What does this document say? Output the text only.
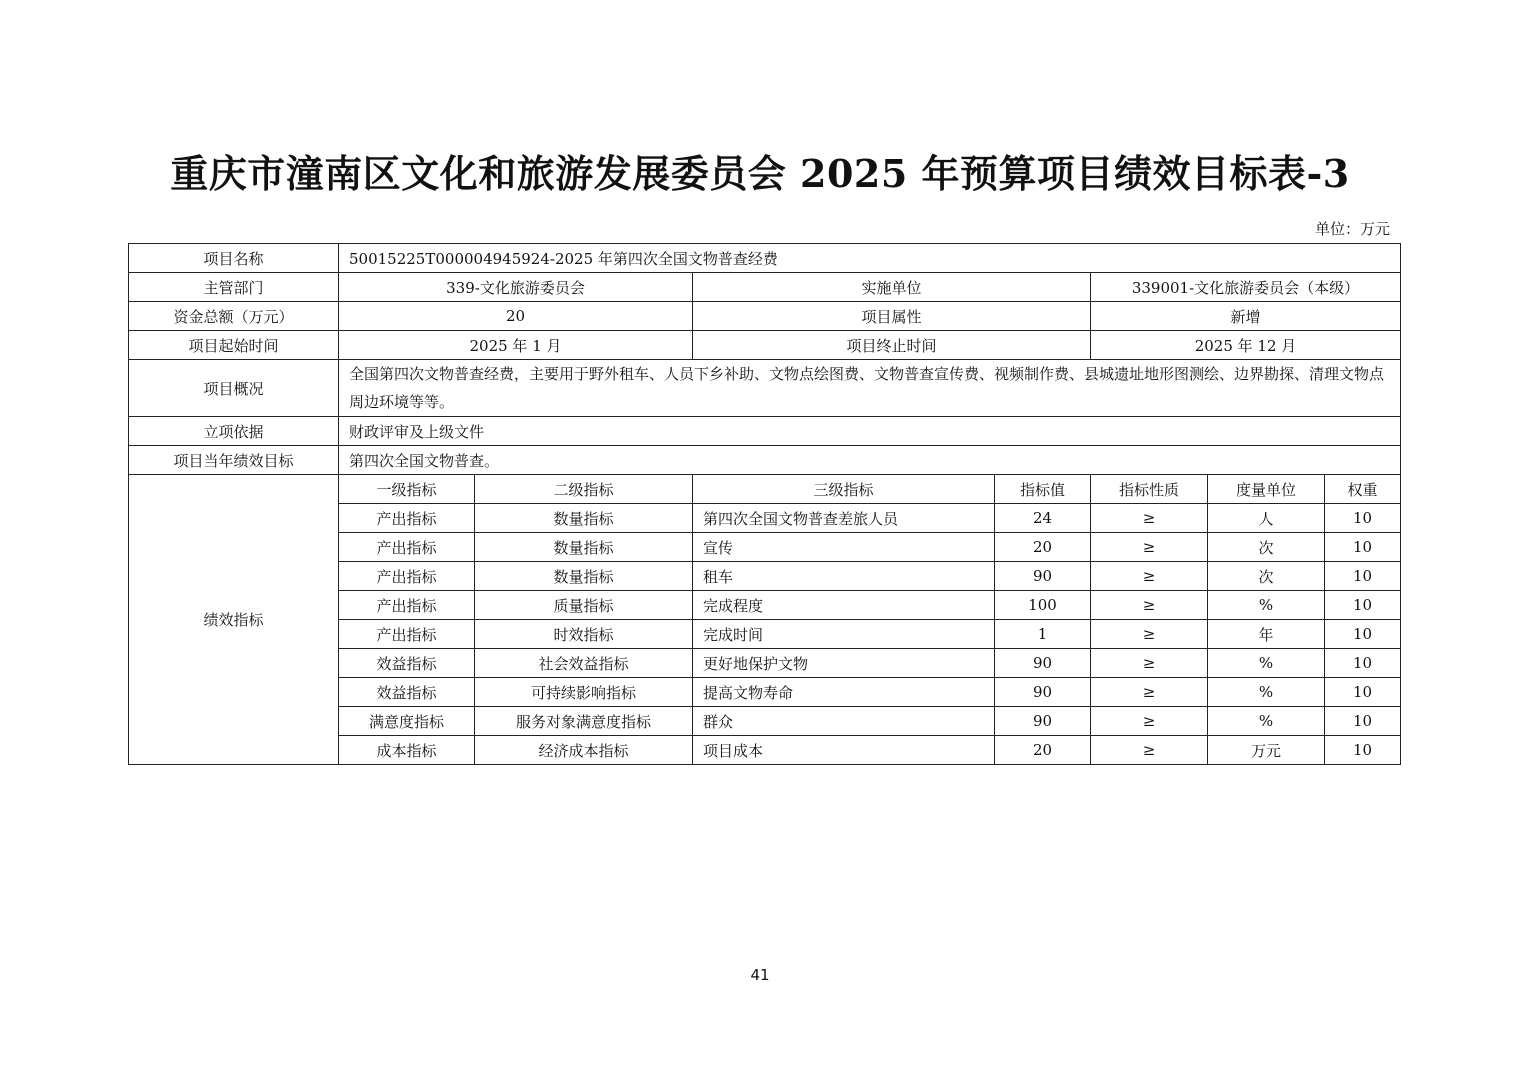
重庆市潼南区文化和旅游发展委员会 2025 年预算项目绩效目标表-3
单位：万元
项目名称	50015225T000004945924-2025 年第四次全国文物普查经费						
主管部门	339-文化旅游委员会		实施单位		339001-文化旅游委员会（本级）		
资金总额（万元）	20		项目属性		新增		
项目起始时间	2025 年 1 月		项目终止时间		2025 年 12 月		
项目概况	全国第四次文物普查经费，主要用于野外租车、人员下乡补助、文物点绘图费、文物普查宣传费、视频制作费、县城遗址地形图测绘、边界勘探、清理文物点周边环境等等。						
立项依据	财政评审及上级文件						
项目当年绩效目标	第四次全国文物普查。						
绩效指标	一级指标	二级指标	三级指标	指标值	指标性质	度量单位	权重
	产出指标	数量指标	第四次全国文物普查差旅人员	24	≥	人	10
	产出指标	数量指标	宣传	20	≥	次	10
	产出指标	数量指标	租车	90	≥	次	10
	产出指标	质量指标	完成程度	100	≥	%	10
	产出指标	时效指标	完成时间	1	≥	年	10
	效益指标	社会效益指标	更好地保护文物	90	≥	%	10
	效益指标	可持续影响指标	提高文物寿命	90	≥	%	10
	满意度指标	服务对象满意度指标	群众	90	≥	%	10
	成本指标	经济成本指标	项目成本	20	≥	万元	10
41
